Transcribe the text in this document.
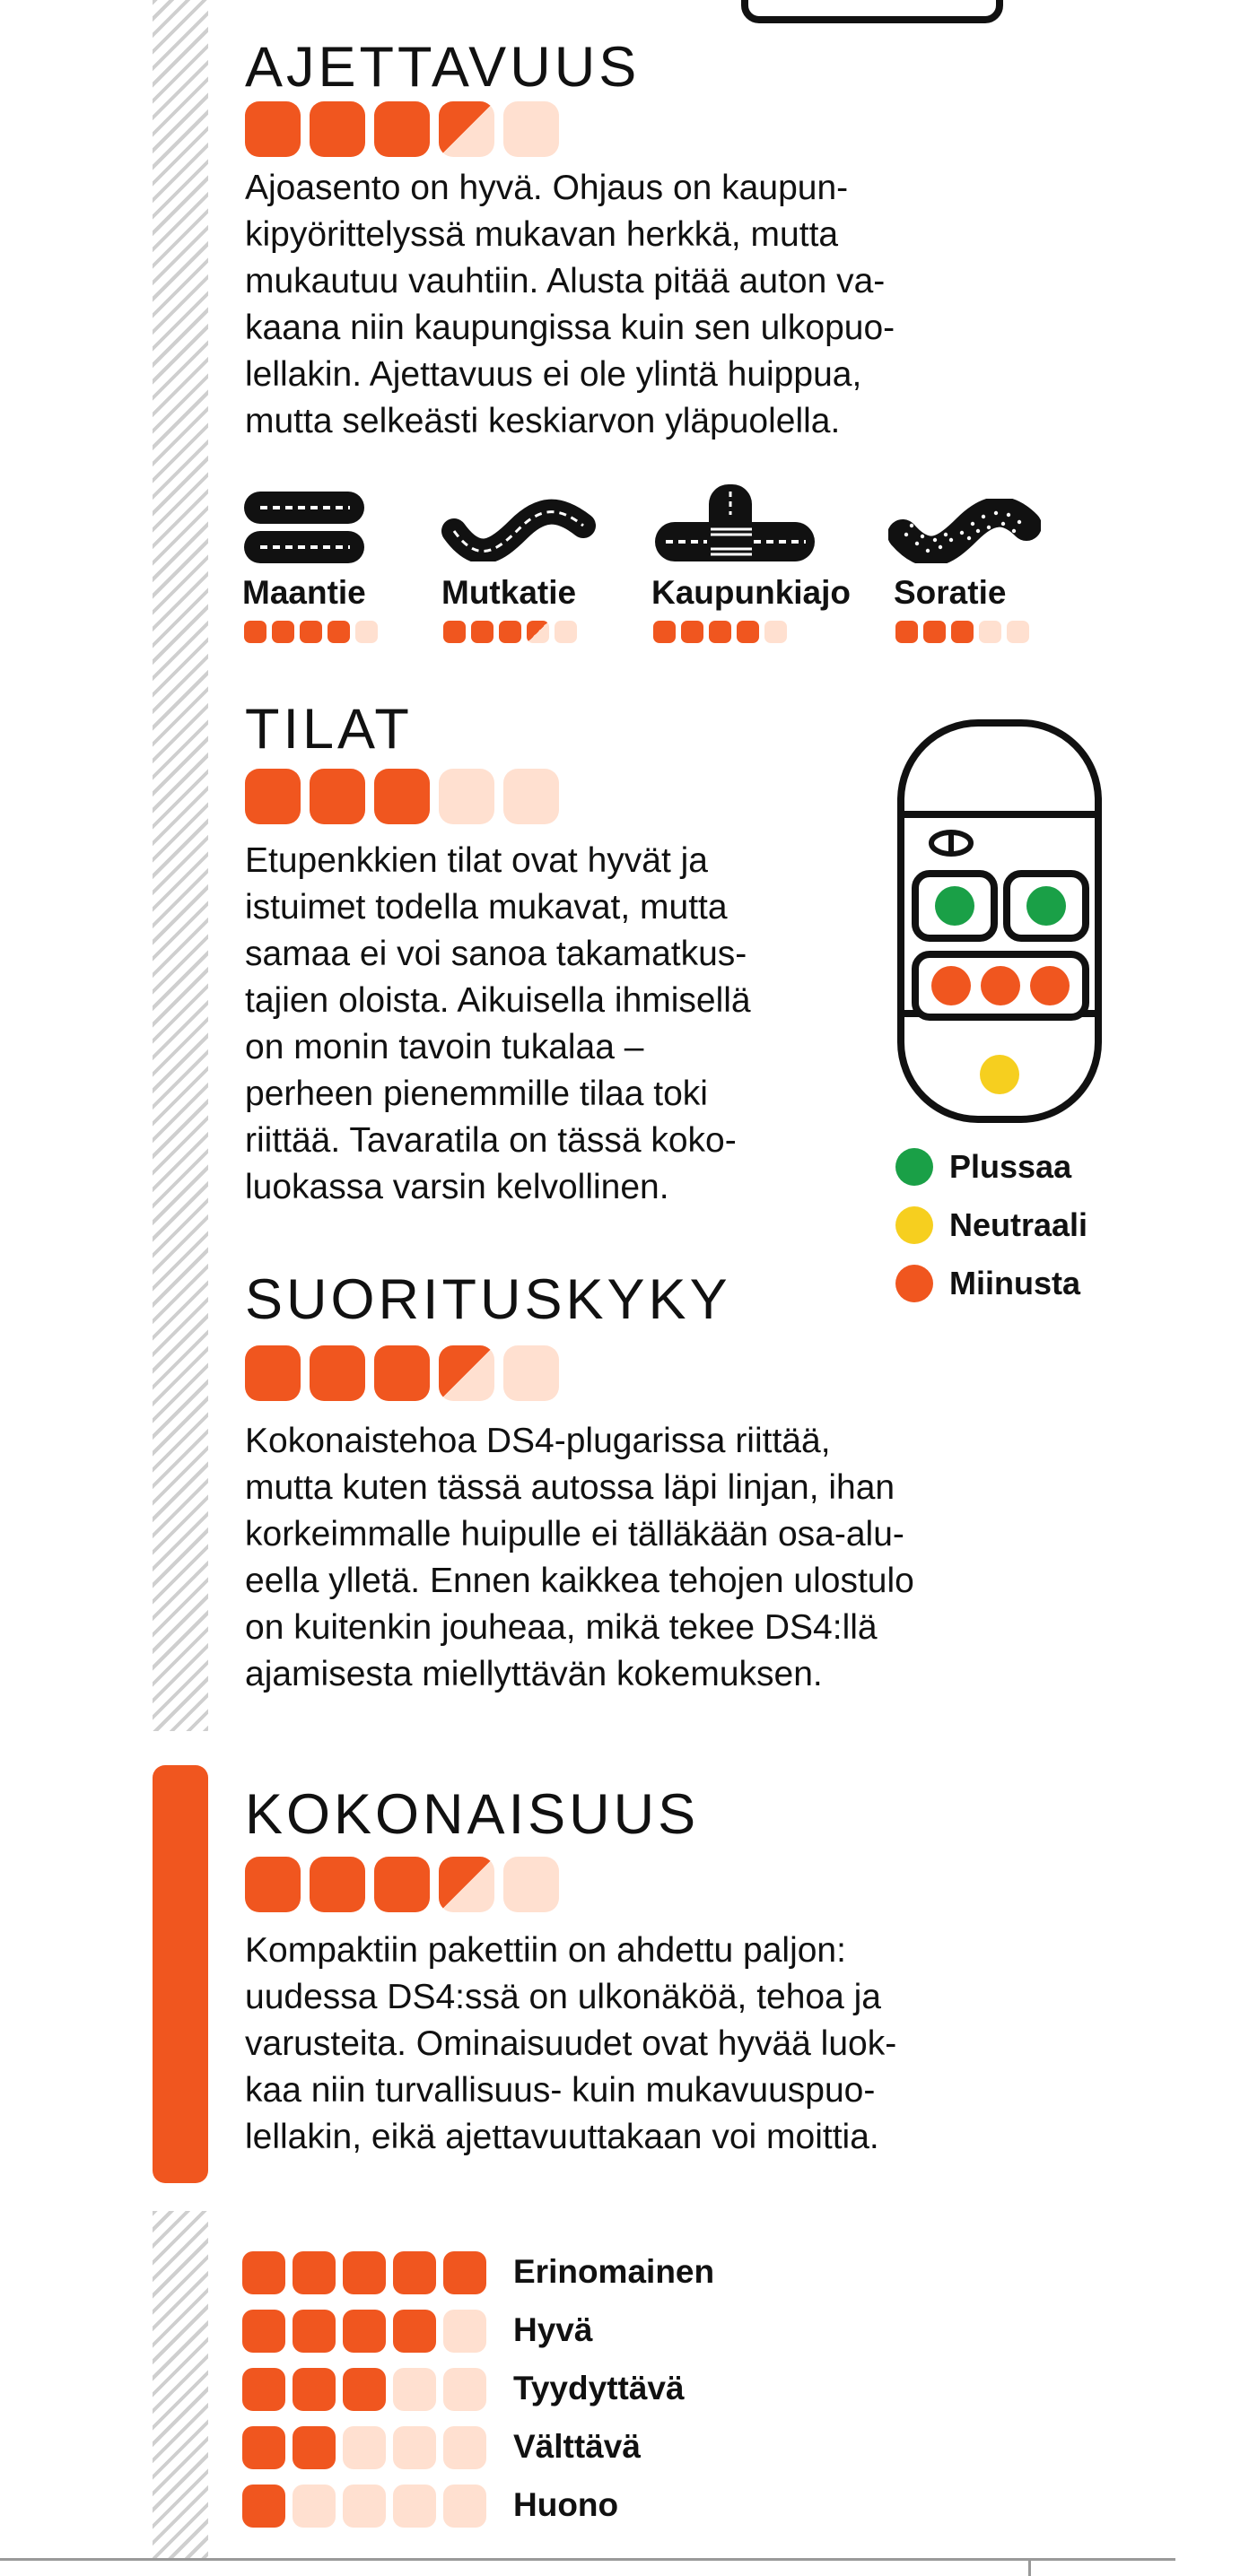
AJETTAVUUS
Ajoasento on hyvä. Ohjaus on kaupun-
kipyörittelyssä mukavan herkkä, mutta
mukautuu vauhtiin. Alusta pitää auton va-
kaana niin kaupungissa kuin sen ulkopuo-
lellakin. Ajettavuus ei ole ylintä huippua,
mutta selkeästi keskiarvon yläpuolella.
Maantie Mutkatie Kaupunkiajo Soratie
TILAT
Etupenkkien tilat ovat hyvät ja
istuimet todella mukavat, mutta
samaa ei voi sanoa takamatkus-
tajien oloista. Aikuisella ihmisellä
on monin tavoin tukalaa –
perheen pienemmille tilaa toki
riittää. Tavaratila on tässä koko-
luokassa varsin kelvollinen.
Plussaa
Neutraali
Miinusta
SUORITUSKYKY
Kokonaistehoa DS4-plugarissa riittää,
mutta kuten tässä autossa läpi linjan, ihan
korkeimmalle huipulle ei tälläkään osa-alu-
eella ylletä. Ennen kaikkea tehojen ulostulo
on kuitenkin jouheaa, mikä tekee DS4:llä
ajamisesta miellyttävän kokemuksen.
KOKONAISUUS
Kompaktiin pakettiin on ahdettu paljon:
uudessa DS4:ssä on ulkonäköä, tehoa ja
varusteita. Ominaisuudet ovat hyvää luok-
kaa niin turvallisuus- kuin mukavuuspuo-
lellakin, eikä ajettavuuttakaan voi moittia.
Erinomainen
Hyvä
Tyydyttävä
Välttävä
Huono
